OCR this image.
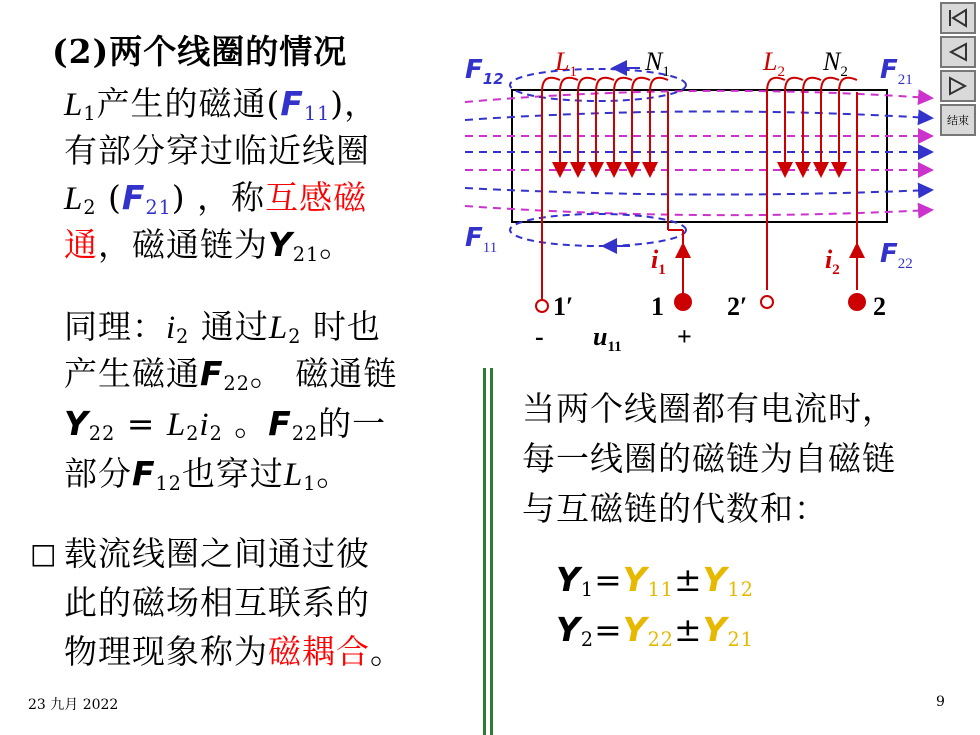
(2)两个线圈的情况
$L_1$产生的磁通$(F_{11})$，
有部分穿过临近线圈
$L_2$ $(F_{21})$ ，称互感磁
通，磁通链为$Y_{21}$。
同理：$i_2$ 通过$L_2$ 时也
产生磁通$F_{22}$。 磁通链
$Y_{22} = L_2i_2$ 。$F_{22}$的一
部分$F_{12}$也穿过$L_1$。
□ 载流线圈之间通过彼
此的磁场相互联系的
物理现象称为磁耦合。
23 九月 2022	9
当两个线圈都有电流时，
每一线圈的磁链为自磁链
与互磁链的代数和：
$Y_1=Y_{11}\pm Y_{12}$
$Y_2=Y_{22}\pm Y_{21}$
结束
$F_{12}$
$L_1$	$N_1$	$L_2$ $N_2$ $F_{21}$
$F_{11}$	$F_{22}$
$i_1$	$i_2$
1′	1 2′	2
- $u_{11}$ +
